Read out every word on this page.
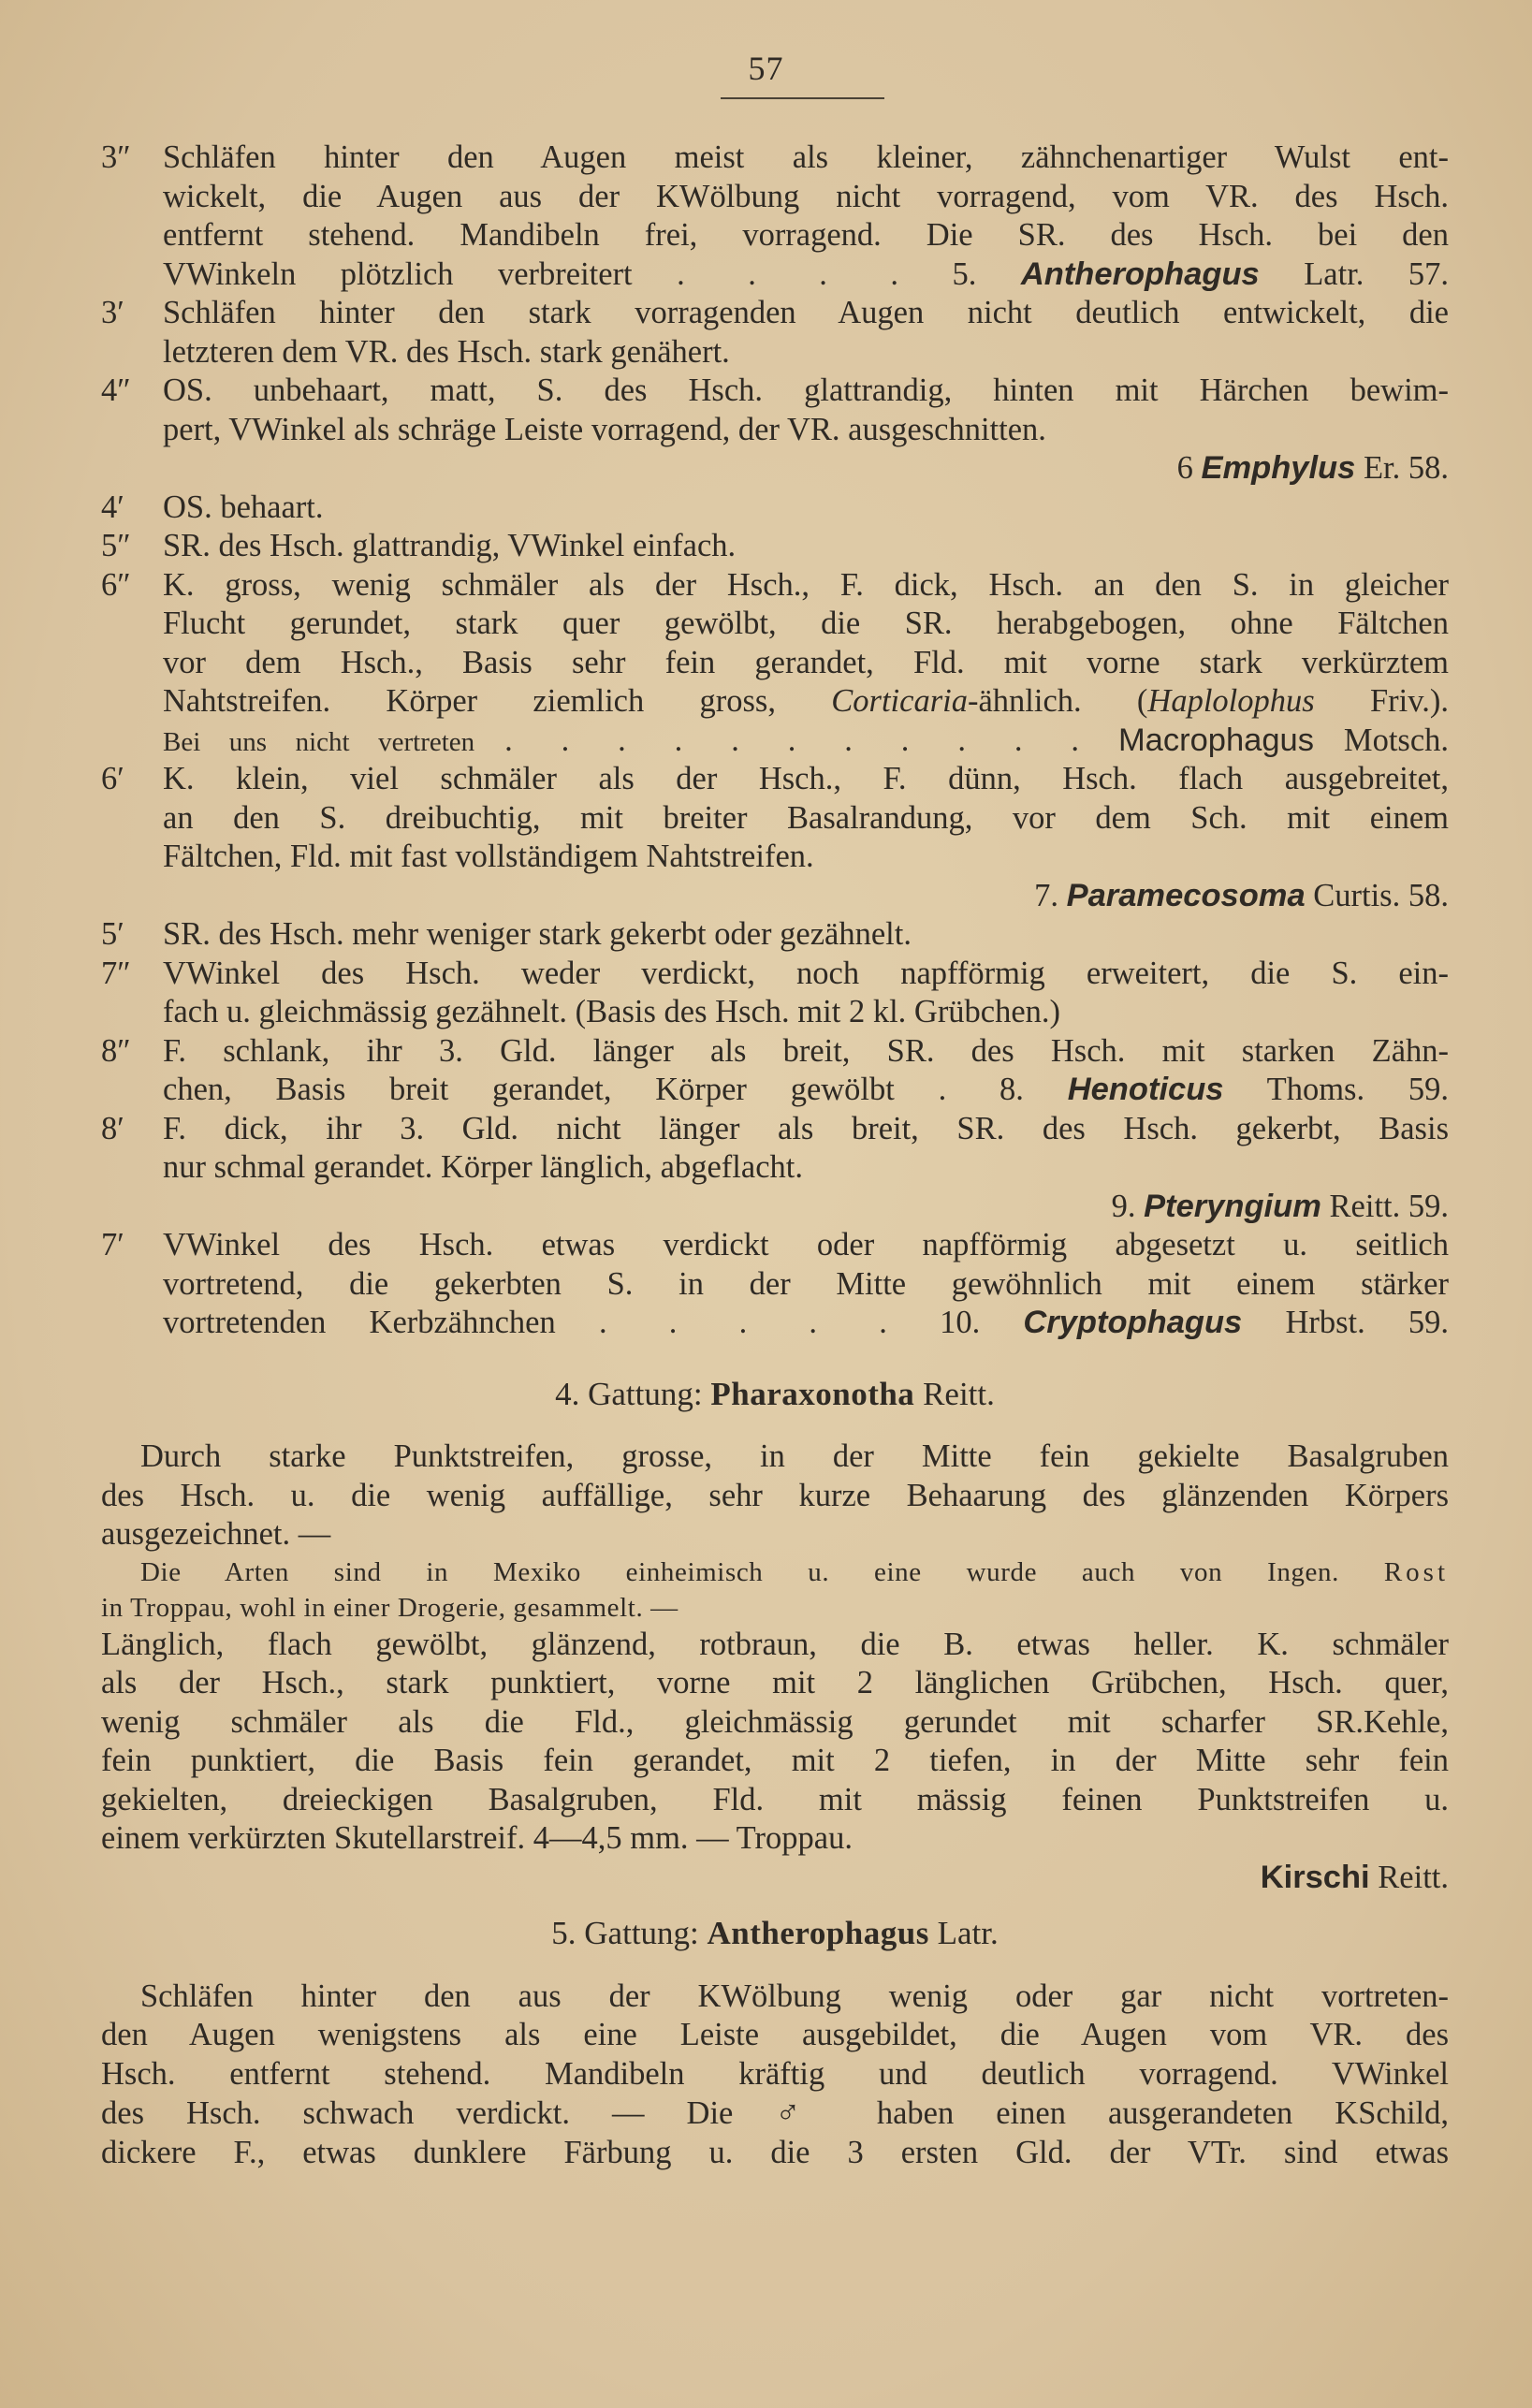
57
3″ Schläfen hinter den Augen meist als kleiner, zähnchenartiger Wulst ent-
wickelt, die Augen aus der KWölbung nicht vorragend, vom VR. des Hsch.
entfernt stehend. Mandibeln frei, vorragend. Die SR. des Hsch. bei den
VWinkeln plötzlich verbreitert . . . . 5. Antherophagus Latr. 57.
3′ Schläfen hinter den stark vorragenden Augen nicht deutlich entwickelt, die
letzteren dem VR. des Hsch. stark genähert.
4″ OS. unbehaart, matt, S. des Hsch. glattrandig, hinten mit Härchen bewim-
pert, VWinkel als schräge Leiste vorragend, der VR. ausgeschnitten.
6 Emphylus Er. 58.
4′ OS. behaart.
5″ SR. des Hsch. glattrandig, VWinkel einfach.
6″ K. gross, wenig schmäler als der Hsch., F. dick, Hsch. an den S. in gleicher
Flucht gerundet, stark quer gewölbt, die SR. herabgebogen, ohne Fältchen
vor dem Hsch., Basis sehr fein gerandet, Fld. mit vorne stark verkürztem
Nahtstreifen. Körper ziemlich gross, Corticaria-ähnlich. (Haplolophus Friv.).
Bei uns nicht vertreten . . . . . . . . . . . Macrophagus Motsch.
6′ K. klein, viel schmäler als der Hsch., F. dünn, Hsch. flach ausgebreitet,
an den S. dreibuchtig, mit breiter Basalrandung, vor dem Sch. mit einem
Fältchen, Fld. mit fast vollständigem Nahtstreifen.
7. Paramecosoma Curtis. 58.
5′ SR. des Hsch. mehr weniger stark gekerbt oder gezähnelt.
7″ VWinkel des Hsch. weder verdickt, noch napfförmig erweitert, die S. ein-
fach u. gleichmässig gezähnelt. (Basis des Hsch. mit 2 kl. Grübchen.)
8″ F. schlank, ihr 3. Gld. länger als breit, SR. des Hsch. mit starken Zähn-
chen, Basis breit gerandet, Körper gewölbt . 8. Henoticus Thoms. 59.
8′ F. dick, ihr 3. Gld. nicht länger als breit, SR. des Hsch. gekerbt, Basis
nur schmal gerandet. Körper länglich, abgeflacht.
9. Pteryngium Reitt. 59.
7′ VWinkel des Hsch. etwas verdickt oder napfförmig abgesetzt u. seitlich
vortretend, die gekerbten S. in der Mitte gewöhnlich mit einem stärker
vortretenden Kerbzähnchen . . . . . 10. Cryptophagus Hrbst. 59.
4. Gattung: Pharaxonotha Reitt.
Durch starke Punktstreifen, grosse, in der Mitte fein gekielte Basalgruben
des Hsch. u. die wenig auffällige, sehr kurze Behaarung des glänzenden Körpers
ausgezeichnet. —
Die Arten sind in Mexiko einheimisch u. eine wurde auch von Ingen. Rost
in Troppau, wohl in einer Drogerie, gesammelt. —
Länglich, flach gewölbt, glänzend, rotbraun, die B. etwas heller. K. schmäler
als der Hsch., stark punktiert, vorne mit 2 länglichen Grübchen, Hsch. quer,
wenig schmäler als die Fld., gleichmässig gerundet mit scharfer SR.Kehle,
fein punktiert, die Basis fein gerandet, mit 2 tiefen, in der Mitte sehr fein
gekielten, dreieckigen Basalgruben, Fld. mit mässig feinen Punktstreifen u.
einem verkürzten Skutellarstreif. 4—4,5 mm. — Troppau.
Kirschi Reitt.
5. Gattung: Antherophagus Latr.
Schläfen hinter den aus der KWölbung wenig oder gar nicht vortreten-
den Augen wenigstens als eine Leiste ausgebildet, die Augen vom VR. des
Hsch. entfernt stehend. Mandibeln kräftig und deutlich vorragend. VWinkel
des Hsch. schwach verdickt. — Die ♂ haben einen ausgerandeten KSchild,
dickere F., etwas dunklere Färbung u. die 3 ersten Gld. der VTr. sind etwas
